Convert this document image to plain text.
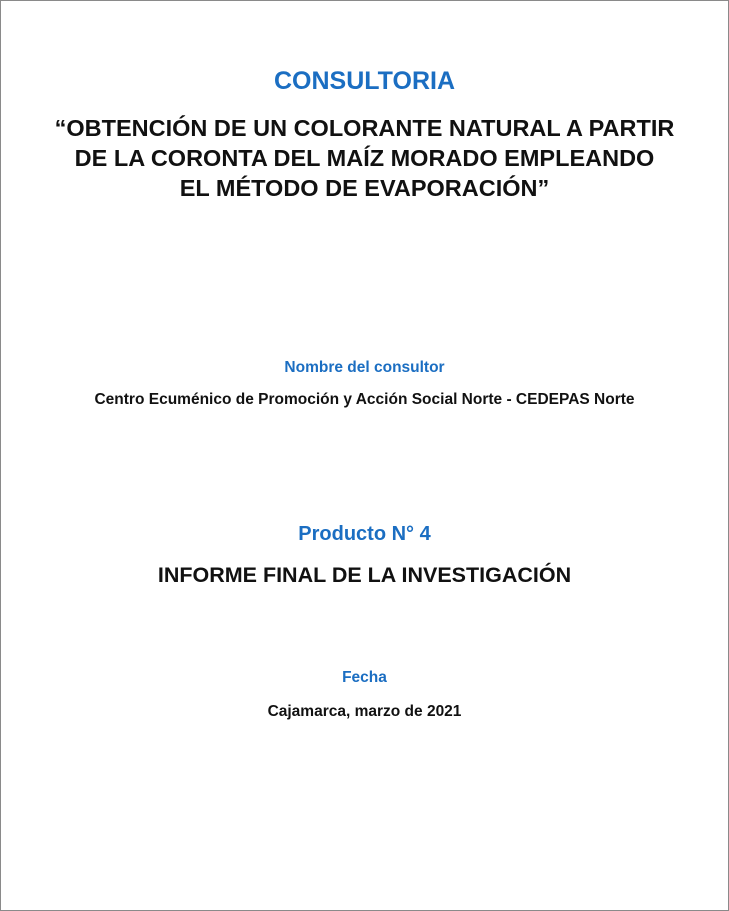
CONSULTORIA
“OBTENCIÓN DE UN COLORANTE NATURAL A PARTIR
DE LA CORONTA DEL MAÍZ MORADO EMPLEANDO
EL MÉTODO DE EVAPORACIÓN”
Nombre del consultor
Centro Ecuménico de Promoción y Acción Social Norte - CEDEPAS Norte
Producto N° 4
INFORME FINAL DE LA INVESTIGACIÓN
Fecha
Cajamarca, marzo de 2021
